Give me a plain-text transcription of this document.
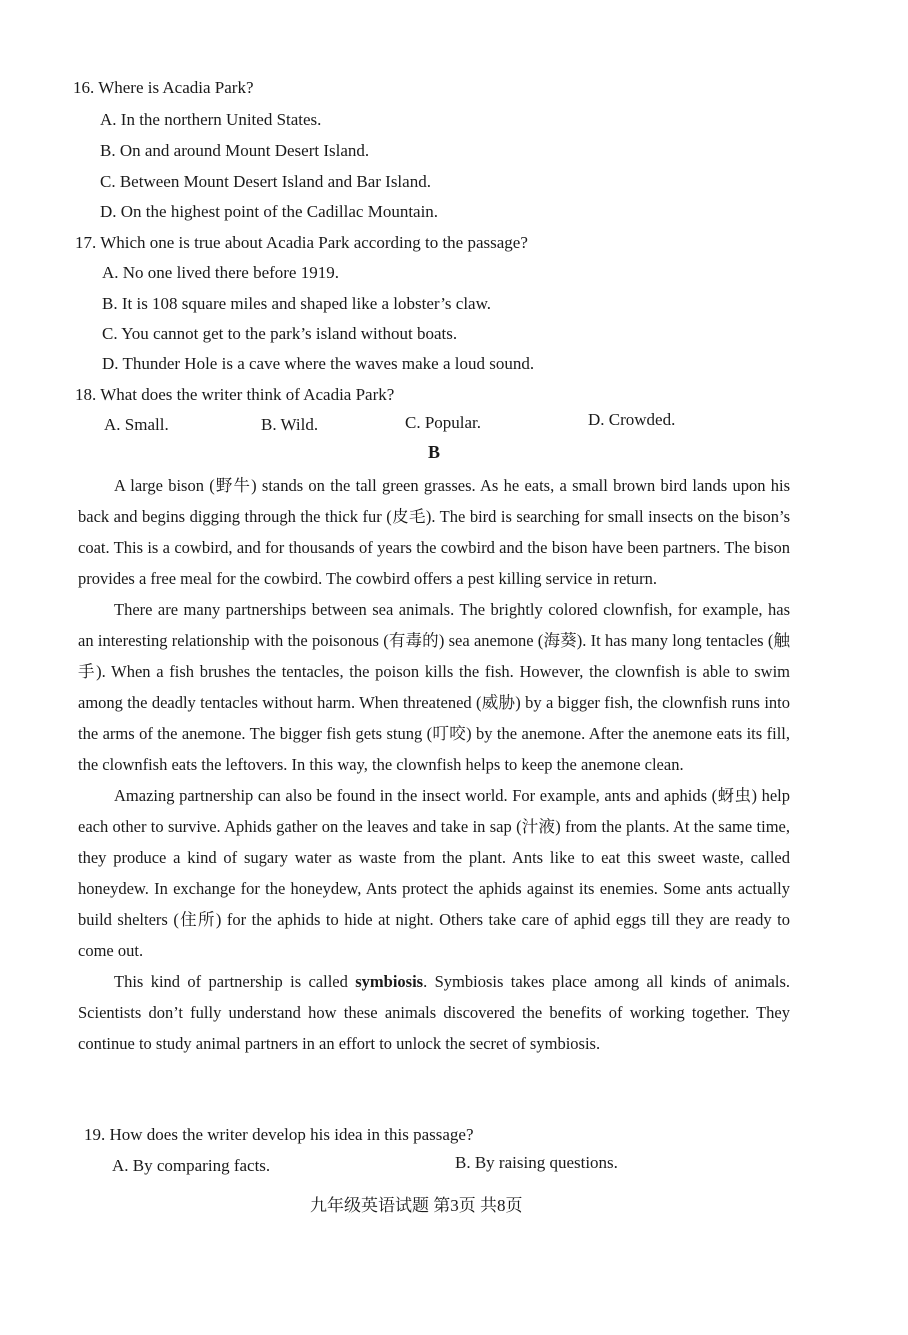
16. Where is Acadia Park?
A. In the northern United States.
B. On and around Mount Desert Island.
C. Between Mount Desert Island and Bar Island.
D. On the highest point of the Cadillac Mountain.
17. Which one is true about Acadia Park according to the passage?
A. No one lived there before 1919.
B. It is 108 square miles and shaped like a lobster’s claw.
C. You cannot get to the park’s island without boats.
D. Thunder Hole is a cave where the waves make a loud sound.
18. What does the writer think of Acadia Park?
A. Small.	B. Wild.	C. Popular.	D. Crowded.
B

A large bison (野牛) stands on the tall green grasses. As he eats, a small brown bird lands upon his back and begins digging through the thick fur (皮毛). The bird is searching for small insects on the bison’s coat. This is a cowbird, and for thousands of years the cowbird and the bison have been partners. The bison provides a free meal for the cowbird. The cowbird offers a pest killing service in return.

There are many partnerships between sea animals. The brightly colored clownfish, for example, has an interesting relationship with the poisonous (有毒的) sea anemone (海葵). It has many long tentacles (触手). When a fish brushes the tentacles, the poison kills the fish. However, the clownfish is able to swim among the deadly tentacles without harm. When threatened (威胁) by a bigger fish, the clownfish runs into the arms of the anemone. The bigger fish gets stung (叮咬) by the anemone. After the anemone eats its fill, the clownfish eats the leftovers. In this way, the clownfish helps to keep the anemone clean.

Amazing partnership can also be found in the insect world. For example, ants and aphids (蚜虫) help each other to survive. Aphids gather on the leaves and take in sap (汁液) from the plants. At the same time, they produce a kind of sugary water as waste from the plant. Ants like to eat this sweet waste, called honeydew. In exchange for the honeydew, Ants protect the aphids against its enemies. Some ants actually build shelters (住所) for the aphids to hide at night. Others take care of aphid eggs till they are ready to come out.

This kind of partnership is called symbiosis. Symbiosis takes place among all kinds of animals. Scientists don’t fully understand how these animals discovered the benefits of working together. They continue to study animal partners in an effort to unlock the secret of symbiosis.

19. How does the writer develop his idea in this passage?
A. By comparing facts.	B. By raising questions.
九年级英语试题 第3页 共8页
